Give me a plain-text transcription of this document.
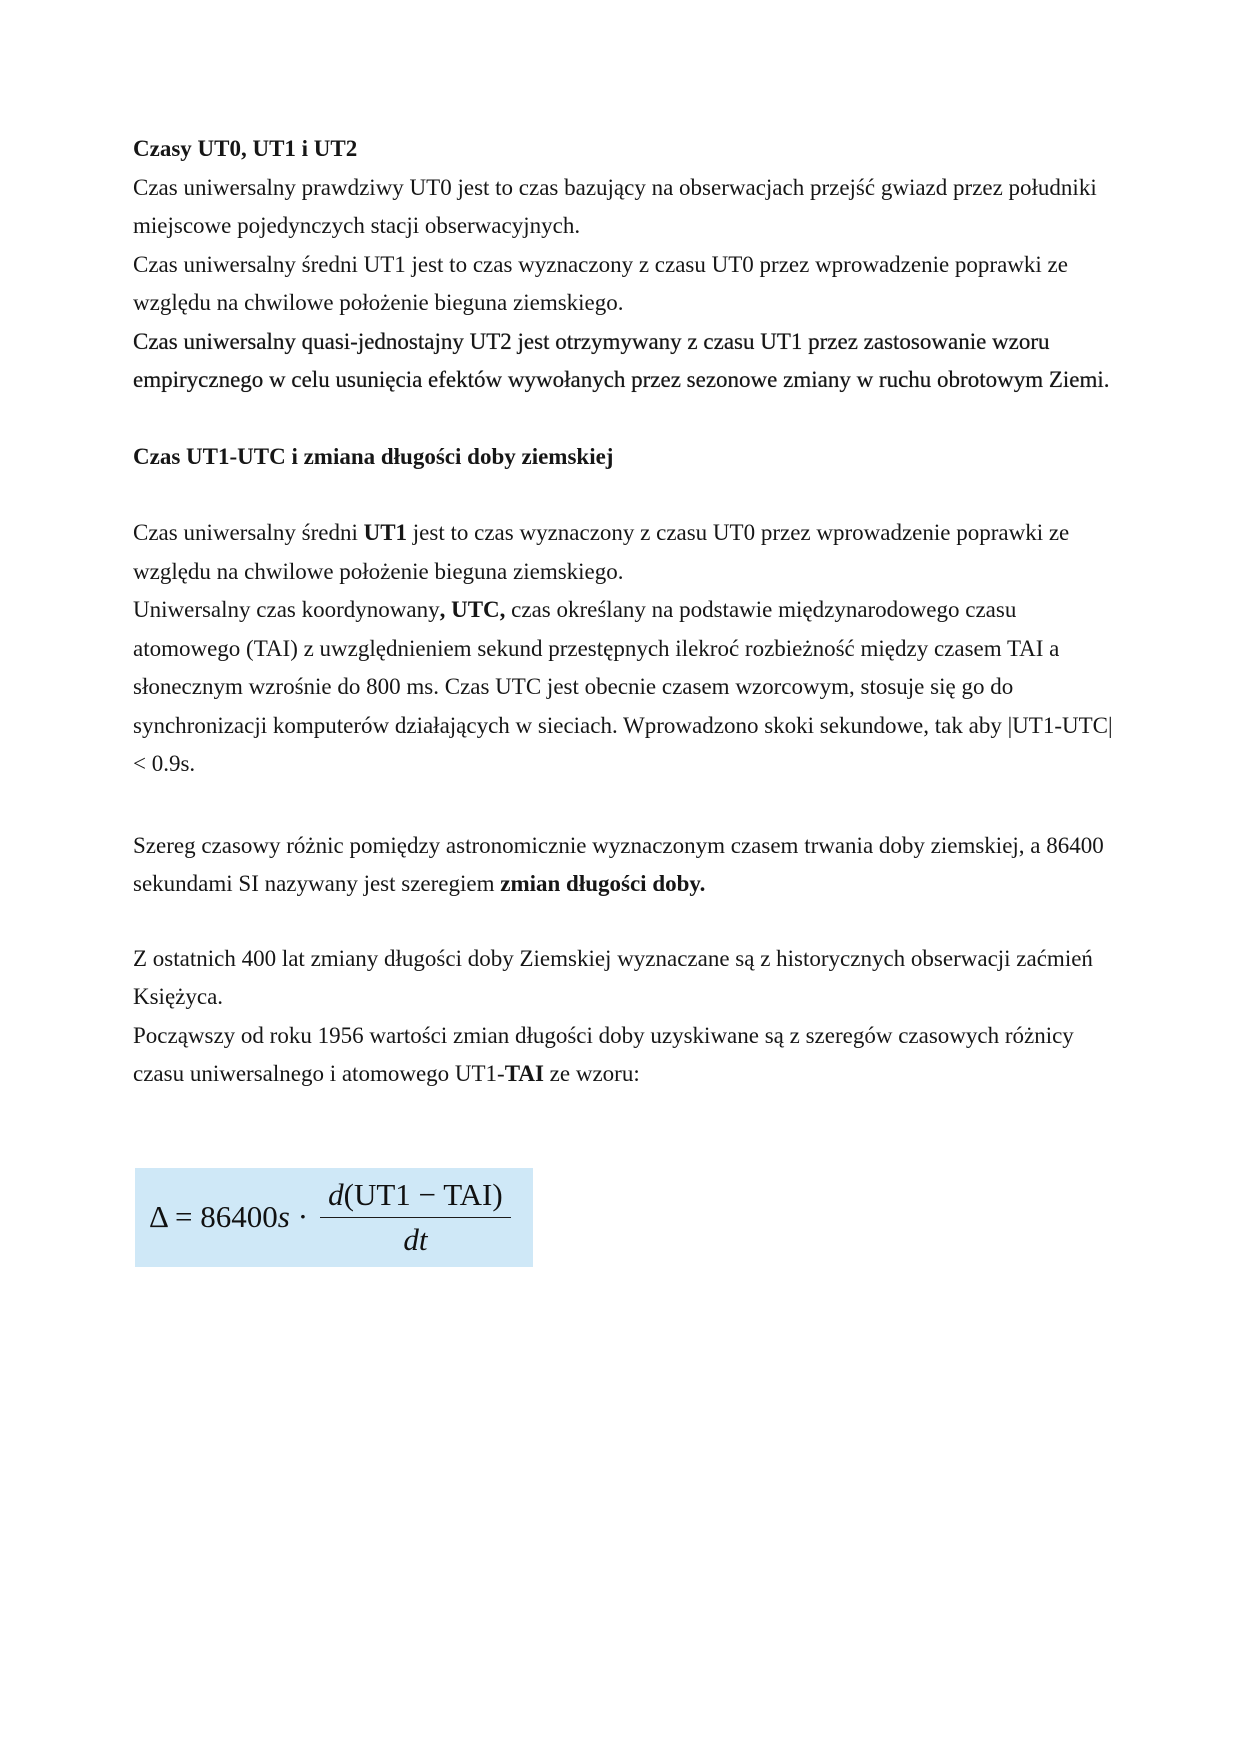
Czasy UT0, UT1 i UT2

Czas uniwersalny prawdziwy UT0 jest to czas bazujący na obserwacjach przejść gwiazd przez południki miejscowe pojedynczych stacji obserwacyjnych.

Czas uniwersalny średni UT1 jest to czas wyznaczony z czasu UT0 przez wprowadzenie poprawki ze względu na chwilowe położenie bieguna ziemskiego.

Czas uniwersalny quasi-jednostajny UT2 jest otrzymywany z czasu UT1 przez zastosowanie wzoru empirycznego w celu usunięcia efektów wywołanych przez sezonowe zmiany w ruchu obrotowym Ziemi.

Czas UT1-UTC i zmiana długości doby ziemskiej

Czas uniwersalny średni UT1 jest to czas wyznaczony z czasu UT0 przez wprowadzenie poprawki ze względu na chwilowe położenie bieguna ziemskiego.

Uniwersalny czas koordynowany, UTC, czas określany na podstawie międzynarodowego czasu atomowego (TAI) z uwzględnieniem sekund przestępnych ilekroć rozbieżność między czasem TAI a słonecznym wzrośnie do 800 ms. Czas UTC jest obecnie czasem wzorcowym, stosuje się go do synchronizacji komputerów działających w sieciach. Wprowadzono skoki sekundowe, tak aby |UT1-UTC|< 0.9s.

Szereg czasowy różnic pomiędzy astronomicznie wyznaczonym czasem trwania doby ziemskiej, a 86400 sekundami SI nazywany jest szeregiem zmian długości doby.

Z ostatnich 400 lat zmiany długości doby Ziemskiej wyznaczane są z historycznych obserwacji zaćmień Księżyca.

Począwszy od roku 1956 wartości zmian długości doby uzyskiwane są z szeregów czasowych różnicy czasu uniwersalnego i atomowego UT1-TAI ze wzoru:

Δ = 86400 $s \cdot \frac{\text{d(UT1 − TAI)}}{dt}$
